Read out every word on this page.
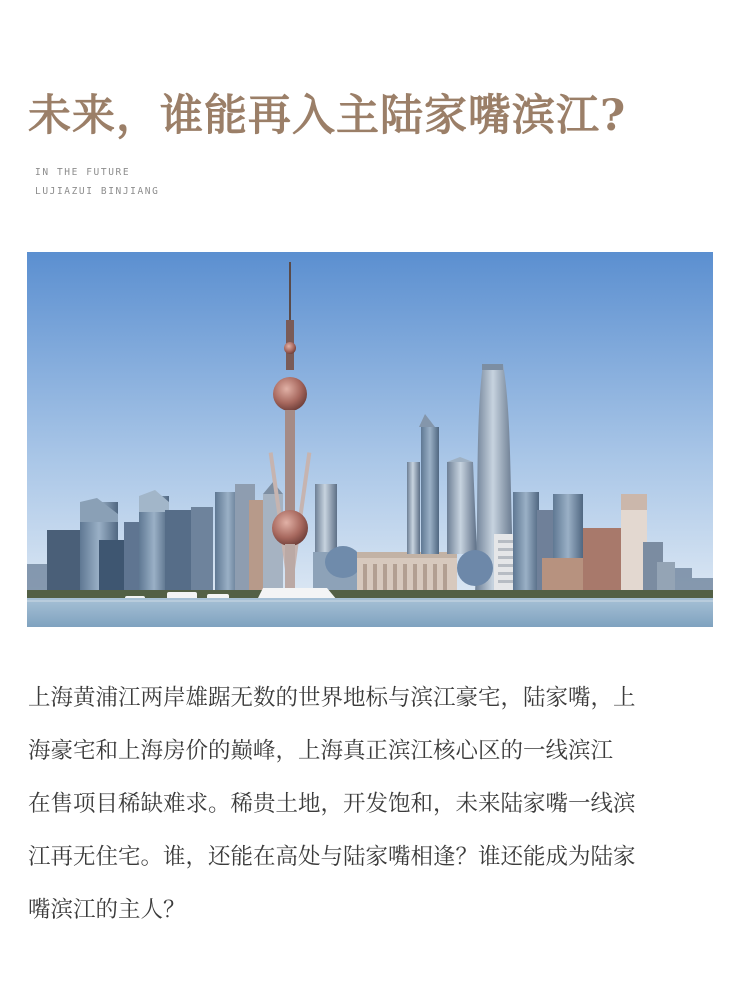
未来，谁能再入主陆家嘴滨江?
IN THE FUTURE
LUJIAZUI BINJIANG
上海黄浦江两岸雄踞无数的世界地标与滨江豪宅，陆家嘴，上
海豪宅和上海房价的巅峰，上海真正滨江核心区的一线滨江
在售项目稀缺难求。稀贵土地，开发饱和，未来陆家嘴一线滨
江再无住宅。谁，还能在高处与陆家嘴相逢？谁还能成为陆家
嘴滨江的主人？
